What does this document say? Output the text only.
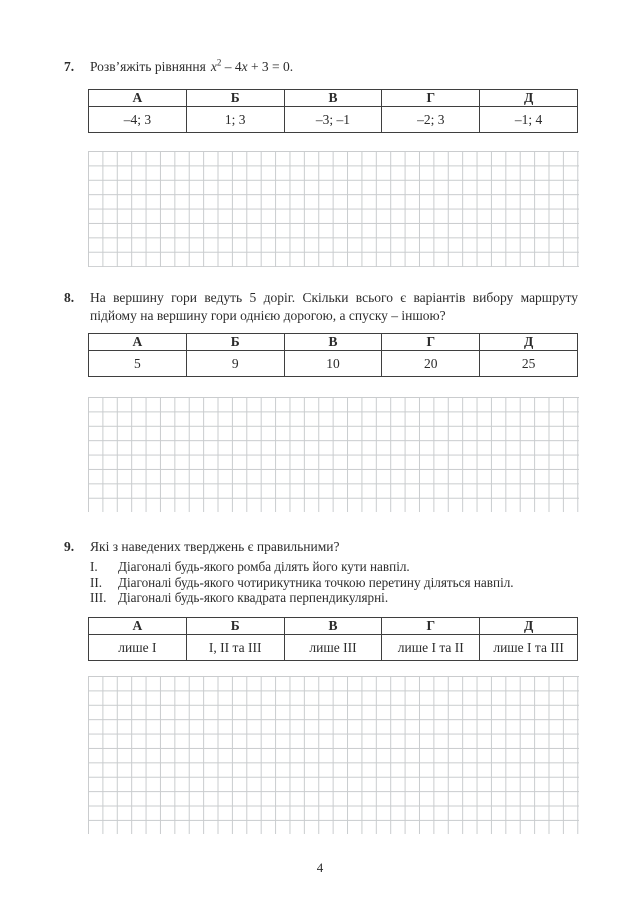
7. Розв’яжіть рівняння $x^2 - 4x + 3 = 0$.
А	Б	В	Г	Д
–4; 3	1; 3	–3; –1	–2; 3	–1; 4
8.	На вершину гори ведуть 5 доріг. Скільки всього є варіантів вибору маршруту
підйому на вершину гори однією дорогою, а спуску – іншою?
А	Б	В	Г	Д
5	9	10	20	25
9. Які з наведених тверджень є правильними?
I.	Діагоналі будь-якого ромба ділять його кути навпіл.
II.	Діагоналі будь-якого чотирикутника точкою перетину діляться навпіл.
III. Діагоналі будь-якого квадрата перпендикулярні.
А	Б	В	Г	Д
лише I	I, II та III	лише III	лише I та II	лише I та III
4
